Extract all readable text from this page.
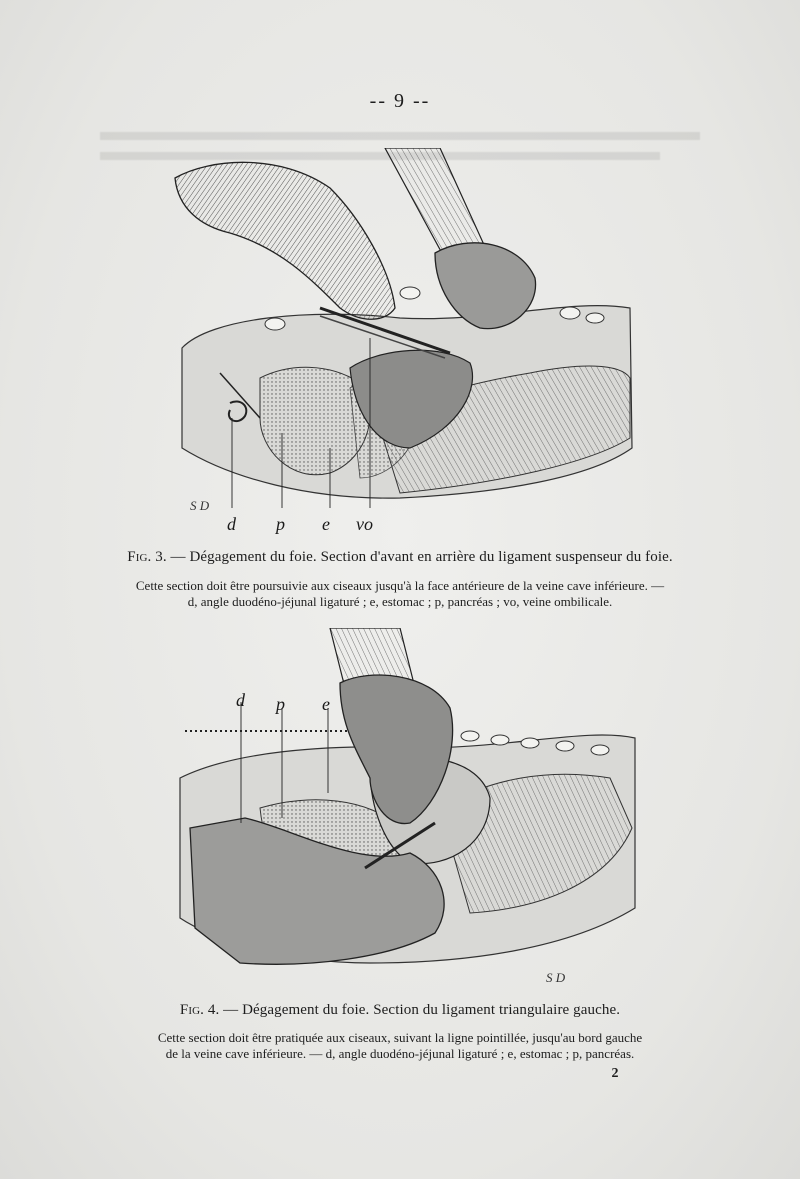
-- 9 --
S D
d p e vo
Fig. 3. — Dégagement du foie. Section d'avant en arrière du ligament suspenseur du foie.
Cette section doit être poursuivie aux ciseaux jusqu'à la face antérieure de la veine cave inférieure. —
d, angle duodéno-jéjunal ligaturé ; e, estomac ; p, pancréas ; vo, veine ombilicale.
d p e
S D
Fig. 4. — Dégagement du foie. Section du ligament triangulaire gauche.
Cette section doit être pratiquée aux ciseaux, suivant la ligne pointillée, jusqu'au bord gauche
de la veine cave inférieure. — d, angle duodéno-jéjunal ligaturé ; e, estomac ; p, pancréas.
2
